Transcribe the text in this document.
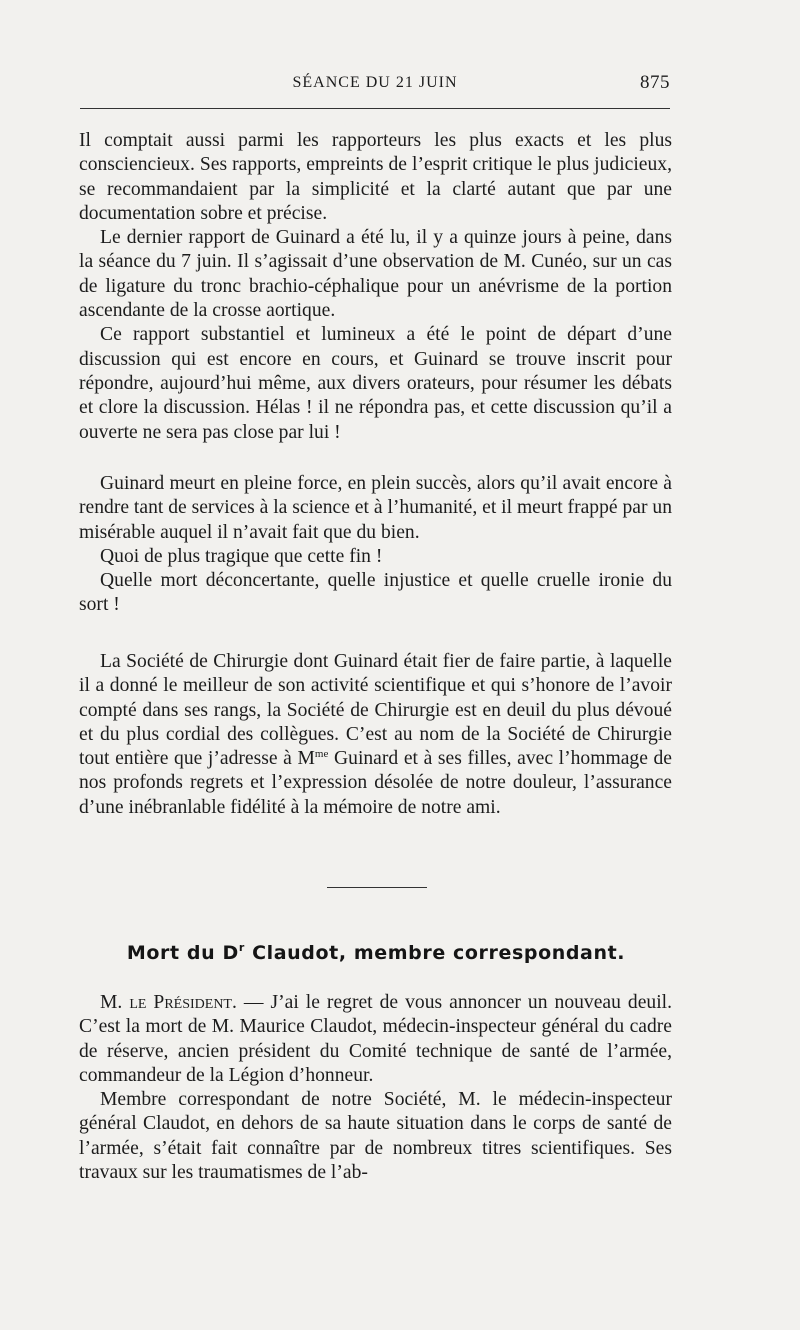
SÉANCE DU 21 JUIN	875

Il comptait aussi parmi les rapporteurs les plus exacts et les plus consciencieux. Ses rapports, empreints de l’esprit critique le plus judicieux, se recommandaient par la simplicité et la clarté autant que par une documentation sobre et précise.

Le dernier rapport de Guinard a été lu, il y a quinze jours à peine, dans la séance du 7 juin. Il s’agissait d’une observation de M. Cunéo, sur un cas de ligature du tronc brachio-céphalique pour un anévrisme de la portion ascendante de la crosse aortique.

Ce rapport substantiel et lumineux a été le point de départ d’une discussion qui est encore en cours, et Guinard se trouve inscrit pour répondre, aujourd’hui même, aux divers orateurs, pour résumer les débats et clore la discussion. Hélas ! il ne répondra pas, et cette discussion qu’il a ouverte ne sera pas close par lui !

Guinard meurt en pleine force, en plein succès, alors qu’il avait encore à rendre tant de services à la science et à l’humanité, et il meurt frappé par un misérable auquel il n’avait fait que du bien.

Quoi de plus tragique que cette fin !

Quelle mort déconcertante, quelle injustice et quelle cruelle ironie du sort !

La Société de Chirurgie dont Guinard était fier de faire partie, à laquelle il a donné le meilleur de son activité scientifique et qui s’honore de l’avoir compté dans ses rangs, la Société de Chirurgie est en deuil du plus dévoué et du plus cordial des collègues. C’est au nom de la Société de Chirurgie tout entière que j’adresse à $M^{me}$ Guinard et à ses filles, avec l’hommage de nos profonds regrets et l’expression désolée de notre douleur, l’assurance d’une inébranlable fidélité à la mémoire de notre ami.

Mort du $D^r$ Claudot, membre correspondant.

M. le Président. — J’ai le regret de vous annoncer un nouveau deuil. C’est la mort de M. Maurice Claudot, médecin-inspecteur général du cadre de réserve, ancien président du Comité technique de santé de l’armée, commandeur de la Légion d’honneur.

Membre correspondant de notre Société, M. le médecin-inspecteur général Claudot, en dehors de sa haute situation dans le corps de santé de l’armée, s’était fait connaître par de nombreux titres scientifiques. Ses travaux sur les traumatismes de l’ab-
